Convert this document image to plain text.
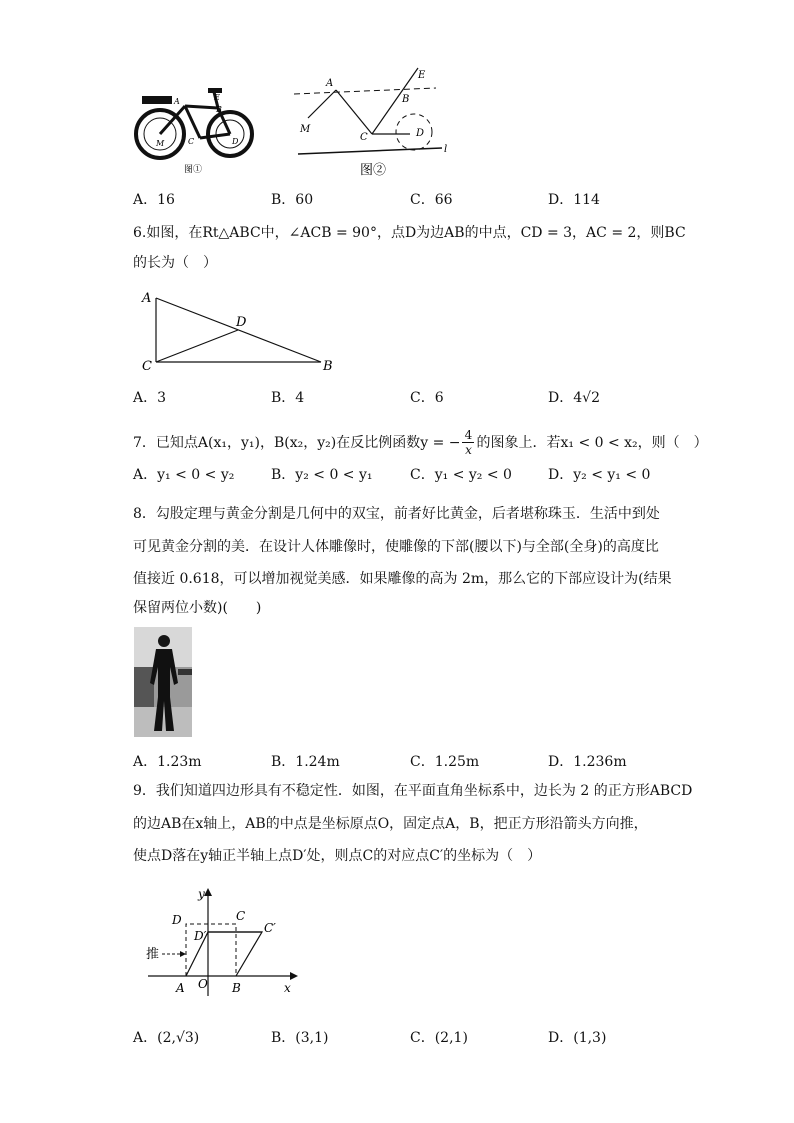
A	E
B
C	D
M
图①
A
B
C	D
E
M
l
图②
A．16	B．60	C．66	D．114
6.如图，在Rt△ABC中，∠ACB = 90°，点D为边AB的中点，CD = 3，AC = 2，则BC
的长为（　）
A
D
C	B
A．3	B．4	C．6	D．4√2
7．已知点A(x₁，y₁)，B(x₂，y₂)在反比例函数y = −
4
x 的图象上．若x₁ < 0 < x₂，则（　）
A．y₁ < 0 < y₂	B．y₂ < 0 < y₁	C．y₁ < y₂ < 0	D．y₂ < y₁ < 0
8．勾股定理与黄金分割是几何中的双宝，前者好比黄金，后者堪称珠玉．生活中到处
可见黄金分割的美．在设计人体雕像时，使雕像的下部(腰以下)与全部(全身)的高度比
值接近 0.618，可以增加视觉美感．如果雕像的高为 2m，那么它的下部应设计为(结果
保留两位小数)(　　)
A．1.23m	B．1.24m	C．1.25m	D．1.236m
9．我们知道四边形具有不稳定性．如图，在平面直角坐标系中，边长为 2 的正方形ABCD
的边AB在x轴上，AB的中点是坐标原点O，固定点A，B，把正方形沿箭头方向推，
使点D落在y轴正半轴上点D′处，则点C的对应点C′的坐标为（　）
y
x
D	C
D′
C′
推
A O B
A．(2,√3)	B．(3,1)	C．(2,1)	D．(1,3)
